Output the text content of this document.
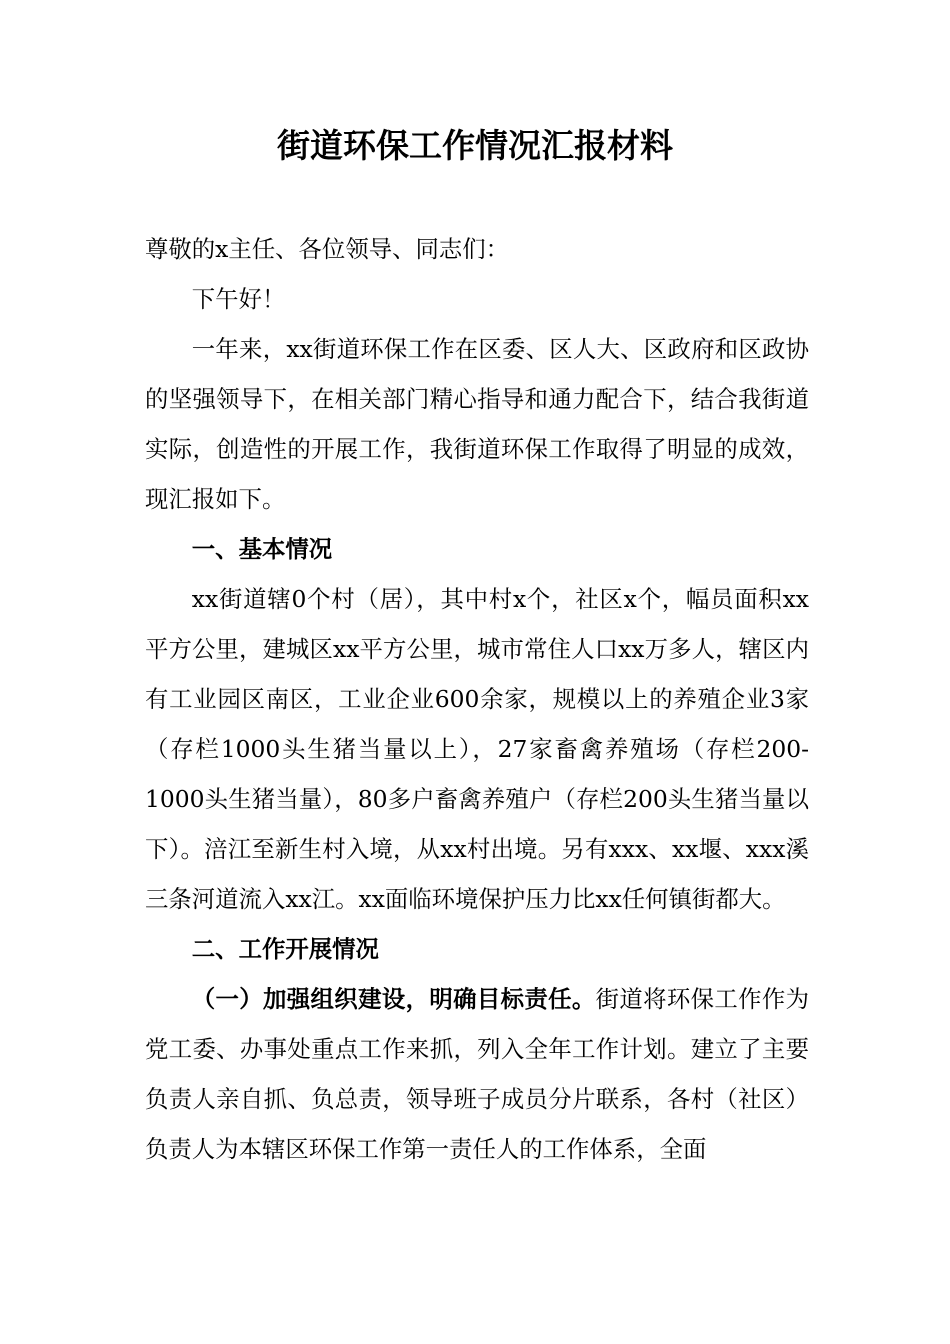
街道环保工作情况汇报材料

尊敬的x主任、各位领导、同志们：

下午好！

一年来，xx街道环保工作在区委、区人大、区政府和区政协的坚强领导下，在相关部门精心指导和通力配合下，结合我街道实际，创造性的开展工作，我街道环保工作取得了明显的成效，现汇报如下。

一、基本情况

xx街道辖0个村（居），其中村x个，社区x个，幅员面积xx平方公里，建城区xx平方公里，城市常住人口xx万多人，辖区内有工业园区南区，工业企业600余家，规模以上的养殖企业3家（存栏1000头生猪当量以上），27家畜禽养殖场（存栏200-1000头生猪当量），80多户畜禽养殖户（存栏200头生猪当量以下）。涪江至新生村入境，从xx村出境。另有xxx、xx堰、xxx溪三条河道流入xx江。xx面临环境保护压力比xx任何镇街都大。

二、工作开展情况

（一）加强组织建设，明确目标责任。街道将环保工作作为党工委、办事处重点工作来抓，列入全年工作计划。建立了主要负责人亲自抓、负总责，领导班子成员分片联系，各村（社区）负责人为本辖区环保工作第一责任人的工作体系，全面
